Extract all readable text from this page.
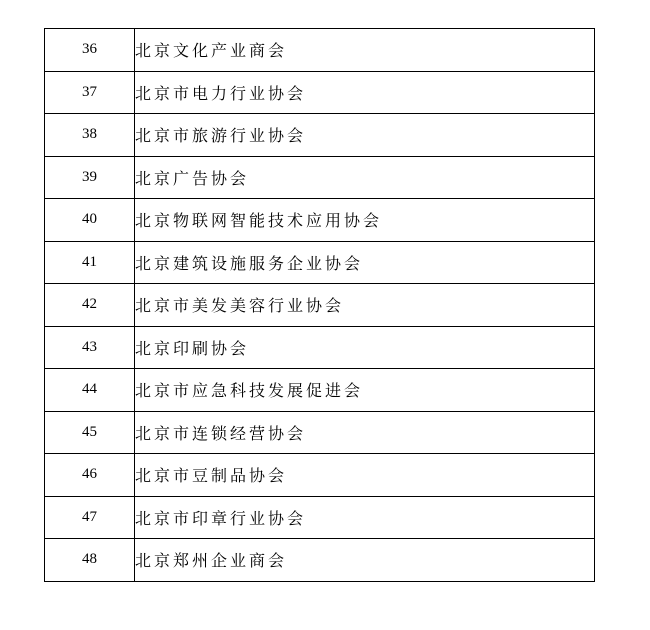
36	北京文化产业商会
37	北京市电力行业协会
38	北京市旅游行业协会
39	北京广告协会
40	北京物联网智能技术应用协会
41	北京建筑设施服务企业协会
42	北京市美发美容行业协会
43	北京印刷协会
44	北京市应急科技发展促进会
45	北京市连锁经营协会
46	北京市豆制品协会
47	北京市印章行业协会
48	北京郑州企业商会
